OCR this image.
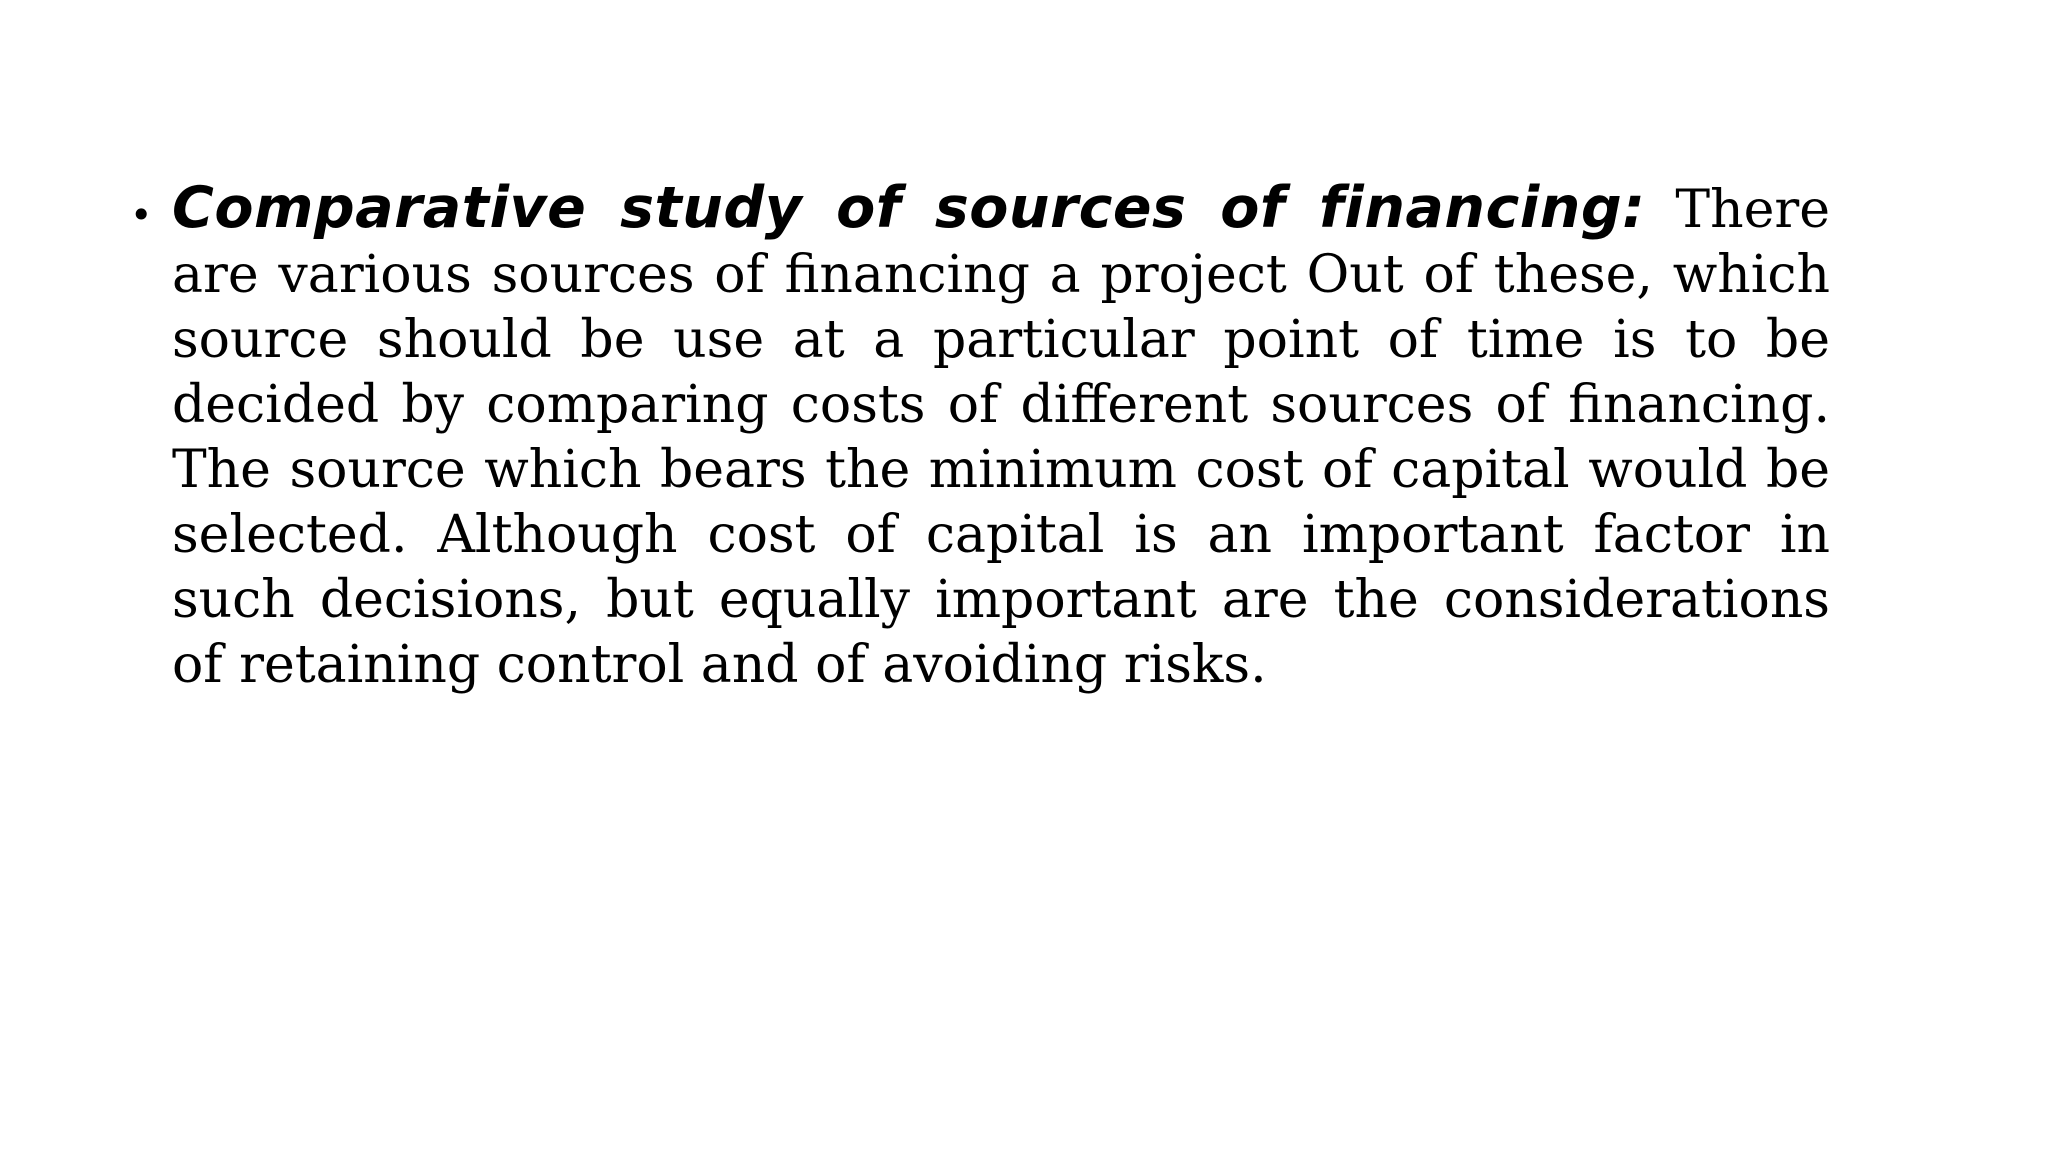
• Comparative study of sources of financing: There are various sources of financing a project Out of these, which source should be use at a particular point of time is to be decided by comparing costs of different sources of financing. The source which bears the minimum cost of capital would be selected. Although cost of capital is an important factor in such decisions, but equally important are the considerations of retaining control and of avoiding risks.
